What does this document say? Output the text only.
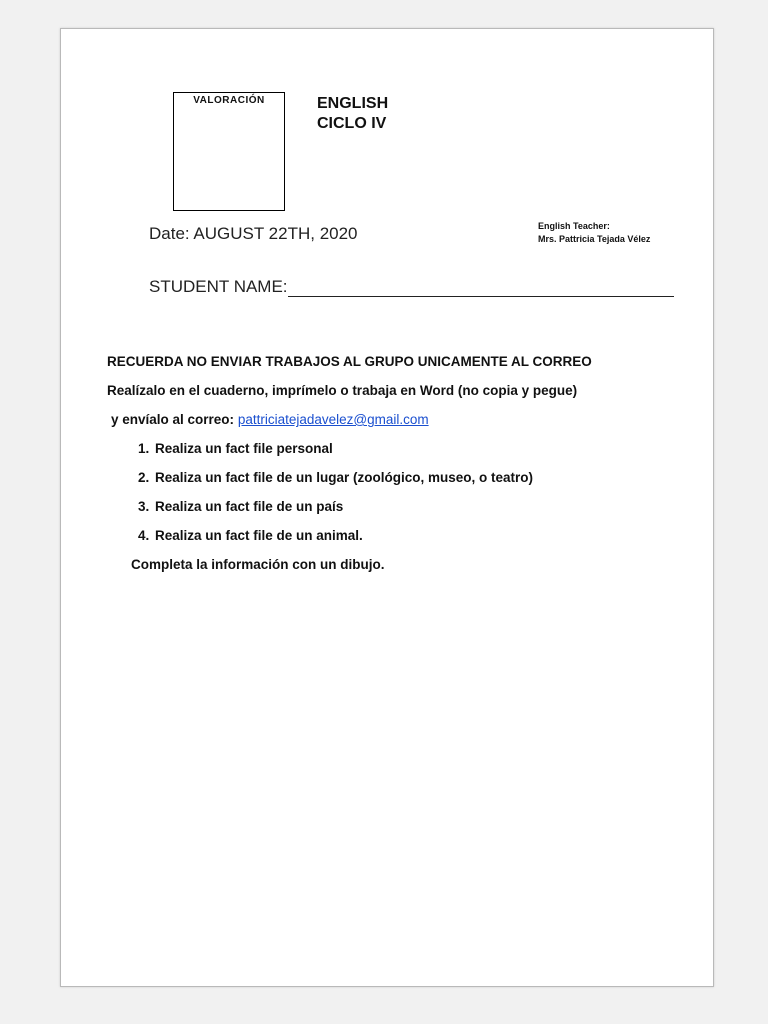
VALORACIÓN	ENGLISH
CICLO IV
Date: AUGUST 22TH, 2020	English Teacher:
Mrs. Pattricia Tejada Vélez
STUDENT NAME:

RECUERDA NO ENVIAR TRABAJOS AL GRUPO UNICAMENTE AL CORREO

Realízalo en el cuaderno, imprímelo o trabaja en Word (no copia y pegue)

y envíalo al correo: pattriciatejadavelez@gmail.com

1. Realiza un fact file personal
2. Realiza un fact file de un lugar (zoológico, museo, o teatro)
3. Realiza un fact file de un país
4. Realiza un fact file de un animal.

Completa la información con un dibujo.
